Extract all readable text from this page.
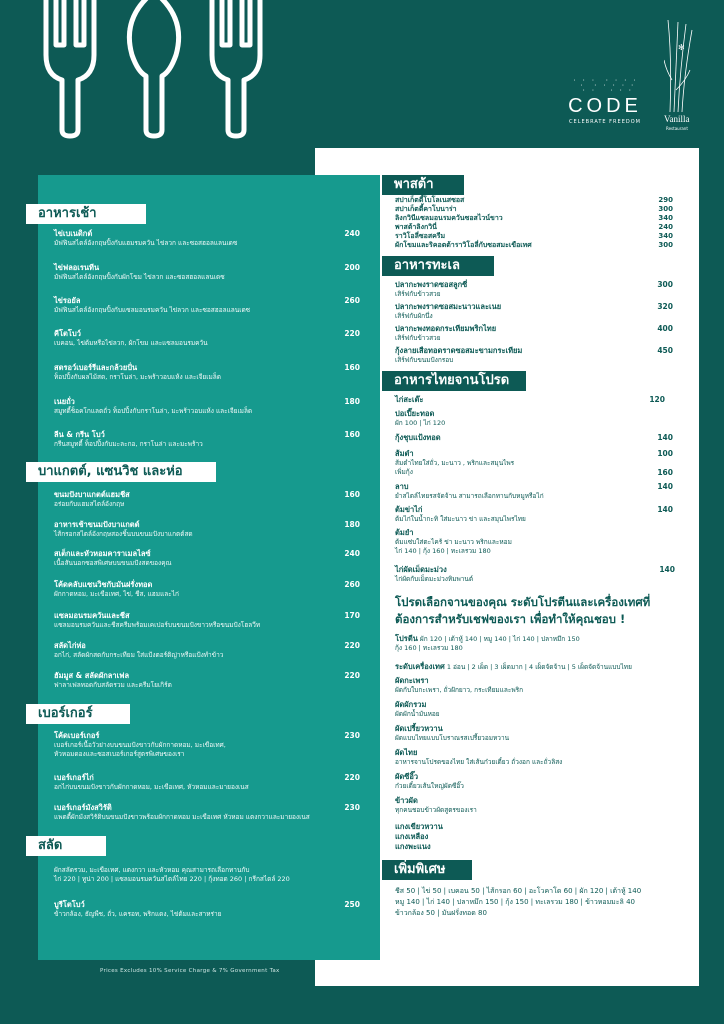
· · ·  · · · ·
·  · · · · ·
· ·   · · ·
CODE
CELEBRATE FREEDOM
✻
Vanilla
Restaurant
อาหารเช้า
ไข่เบเนดิกต์
มัฟฟินสไตล์อังกฤษปิ้งกับแฮมรมควัน ไข่ลวก และซอสฮอลแลนเดซ
240
ไข่ฟลอเรนทีน
มัฟฟินสไตล์อังกฤษปิ้งกับผักโขม ไข่ลวก และซอสฮอลแลนเดซ
200
ไข่รอยัล
มัฟฟินสไตล์อังกฤษปิ้งกับแซลมอนรมควัน ไข่ลวก และซอสฮอลแลนเดซ
260
คีโตโบว์
เบคอน, ไข่ต้มหรือไข่ลวก, ผักโขม และแซลมอนรมควัน
220
สตรอว์เบอร์รีและกล้วยปั่น
ท็อปปิ้งกับผลไม้สด, กราโนล่า, มะพร้าวอบแห้ง และเจียเมล็ด
160
เนยถั่ว
สมูทตี้ช็อคโกแลตถั่ว ท็อปปิ้งกับกราโนล่า, มะพร้าวอบแห้ง และเจียเมล็ด
180
ลีน & กรีน โบว์
กรีนสมูทตี้ ท็อปปิ้งกับมะละกอ, กราโนล่า และมะพร้าว
160
บาแกตต์, แซนวิช และห่อ
ขนมปังบาแกตต์แฮมชีส
อร่อยกับแฮมสไตล์อังกฤษ
160
อาหารเช้าขนมปังบาแกตต์
ไส้กรอกสไตล์อังกฤษสองชิ้นบนขนมปังบาแกตต์สด
180
สเต็กและหัวหอมคาราเมลไลซ์
เนื้อสันนอกซอสพิเศษบนขนมปังสดของคุณ
240
โค้ดคลับแซนวิชกับมันฝรั่งทอด
ผักกาดหอม, มะเขือเทศ, ไข่, ชีส, แฮมและไก่
260
แซลมอนรมควันและชีส
แซลมอนรมควันและชีสครีมพร้อมเคเปอร์บนขนมปังขาวหรือขนมปังโฮลวีท
170
สลัดไก่ห่อ
อกไก่, สลัดผักสดกับกระเทียม ใส่แป้งตอร์ติญ่าหรือแป้งทำข้าว
220
ฮัมมูส & สลัดผักลาเฟล
ฟาลาเฟลทอดกับสลัดรวม และครีมโยเกิร์ต
220
เบอร์เกอร์
โค้ดเบอร์เกอร์
เบอร์เกอร์เนื้อวัวย่างบนขนมปังขาวกับผักกาดหอม, มะเขือเทศ,
หัวหอมดองและซอสเบอร์เกอร์สูตรพิเศษของเรา
230
เบอร์เกอร์ไก่
อกไก่บนขนมปังขาวกับผักกาดหอม, มะเขือเทศ, หัวหอมและมายองเนส
220
เบอร์เกอร์มังสวิรัติ
แพตตี้ผักมังสวิรัติบนขนมปังขาวพร้อมผักกาดหอม มะเขือเทศ หัวหอม แตงกวาและมายองเนส
230
สลัด
ผักสลัดรวม, มะเขือเทศ, แตงกวา และหัวหอม คุณสามารถเลือกทานกับ
ไก่ 220 | ทูน่า 200 | แซลมอนรมควันสไตล์ไทย 220 | กุ้งทอด 260 | กรีกสไตล์ 220
บูรีโตโบว์
ข้าวกล้อง, ธัญพืช, ถั่ว, แครอท, พริกแดง, ไข่ต้มและสาหร่าย
250
Prices Excludes 10% Service Charge & 7% Government Tax
พาสต้า
สปาเก็ตตี้โบโลเนสซอส	290
สปาเก็ตตี้คาโบนาร่า	300
ลิงกวินีแซลมอนรมควันซอสไวน์ขาว	340
พาสต้าลิงกวินี่	240
ราวิโอลี่ซอสครีม	340
ผักโขมและริคอตต้าราวิโอลี่กับซอสมะเขือเทศ	300
อาหารทะเล
ปลากะพงราดซอสลูกซี่
เสิร์ฟกับข้าวสวย
300
ปลากะพงราดซอสมะนาวและเนย
เสิร์ฟกับผักนึ่ง
320
ปลากะพงทอดกระเทียมพริกไทย
เสิร์ฟกับข้าวสวย
400
กุ้งลายเสือทอดราดซอสมะขามกระเทียม
เสิร์ฟกับขนมปังกรอบ
450
อาหารไทยจานโปรด
ไก่สะเต๊ะ	120
ปอเปี๊ยะทอด
ผัก 100 | ไก่ 120
กุ้งชุบแป้งทอด	140
ส้มตำ
ส้มตำไทยใส่ถั่ว, มะนาว , พริกและสมุนไพร
100
เพิ่มกุ้ง	160
ลาบ
ยำสไตล์ไทยรสจัดจ้าน สามารถเลือกทานกับหมูหรือไก่
140
ต้มข่าไก่
ต้มไก่ในน้ำกะทิ ใส่มะนาว ข่า และสมุนไพรไทย
140
ต้มยำ
ต้มแซ่บใส่ตะไคร้ ข่า มะนาว พริกและหอม
ไก่ 140 | กุ้ง 160 | ทะเลรวม 180
ไก่ผัดเม็ดมะม่วง
ไก่ผัดกับเม็ดมะม่วงหิมพานต์
140
โปรดเลือกจานของคุณ ระดับโปรตีนและเครื่องเทศที่ต้องการสำหรับเชฟของเรา เพื่อทำให้คุณชอบ !
โปรตีน ผัก 120 | เต้าหู้ 140 | หมู 140 | ไก่ 140 | ปลาหมึก 150
กุ้ง 160 | ทะเลรวม 180
ระดับเครื่องเทศ 1 อ่อน | 2 เผ็ด | 3 เผ็ดมาก | 4 เผ็ดจัดจ้าน | 5 เผ็ดจัดจ้านแบบไทย
ผัดกะเพรา
ผัดกับใบกะเพรา, ถั่วฝักยาว, กระเทียมและพริก
ผัดผักรวม
ผัดผักน้ำมันหอย
ผัดเปรี้ยวหวาน
ผัดแบบไทยแบบโบราณรสเปรี้ยวอมหวาน
ผัดไทย
อาหารจานโปรดของไทย ใส่เส้นก๋วยเตี๋ยว ถั่วงอก และถั่วลิสง
ผัดซีอิ๊ว
ก๋วยเตี๋ยวเส้นใหญ่ผัดซีอิ๊ว
ข้าวผัด
ทุกคนชอบข้าวผัดสูตรของเรา
แกงเขียวหวาน
แกงเหลือง
แกงพะแนง
เพิ่มพิเศษ
ชีส 50 | ไข่ 50 | เบคอน 50 | ไส้กรอก 60 | อะโวคาโด 60 | ผัก 120 | เต้าหู้ 140
หมู 140 | ไก่ 140 | ปลาหมึก 150 | กุ้ง 150 | ทะเลรวม 180 | ข้าวหอมมะลิ 40
ข้าวกล้อง 50 | มันฝรั่งทอด 80
